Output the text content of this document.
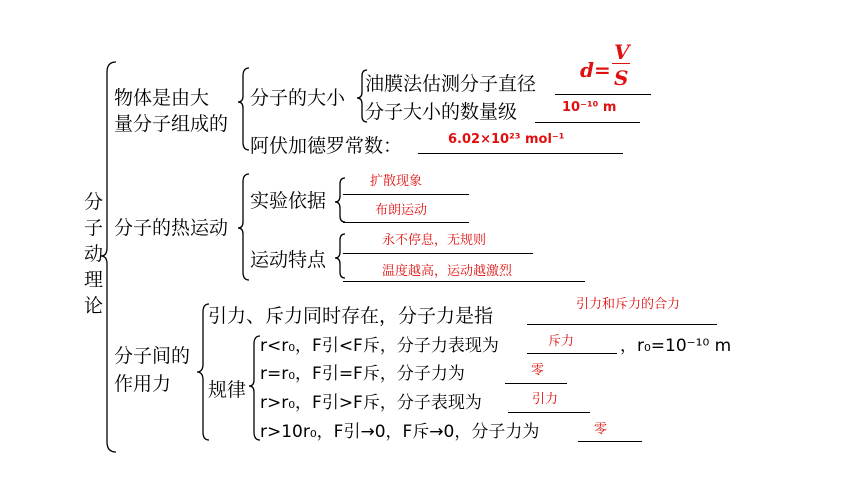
分
子
动
理
论
物体是由大
量分子组成的
分子的大小
油膜法估测分子直径
d =
V
S
分子大小的数量级	10⁻¹⁰ m
阿伏加德罗常数：	6.02×10²³ mol⁻¹
分子的热运动
实验依据
扩散现象
布朗运动
运动特点
永不停息，无规则
温度越高，运动越激烈
分子间的
作用力
引力、斥力同时存在，分子力是指
引力和斥力的合力
规律
r<r₀，F引<F斥，分子力表现为	斥力	，r₀=10⁻¹⁰ m
r=r₀，F引=F斥，分子力为	零
r>r₀，F引>F斥，分子表现为	引力
r>10r₀，F引→0，F斥→0，分子力为	零
